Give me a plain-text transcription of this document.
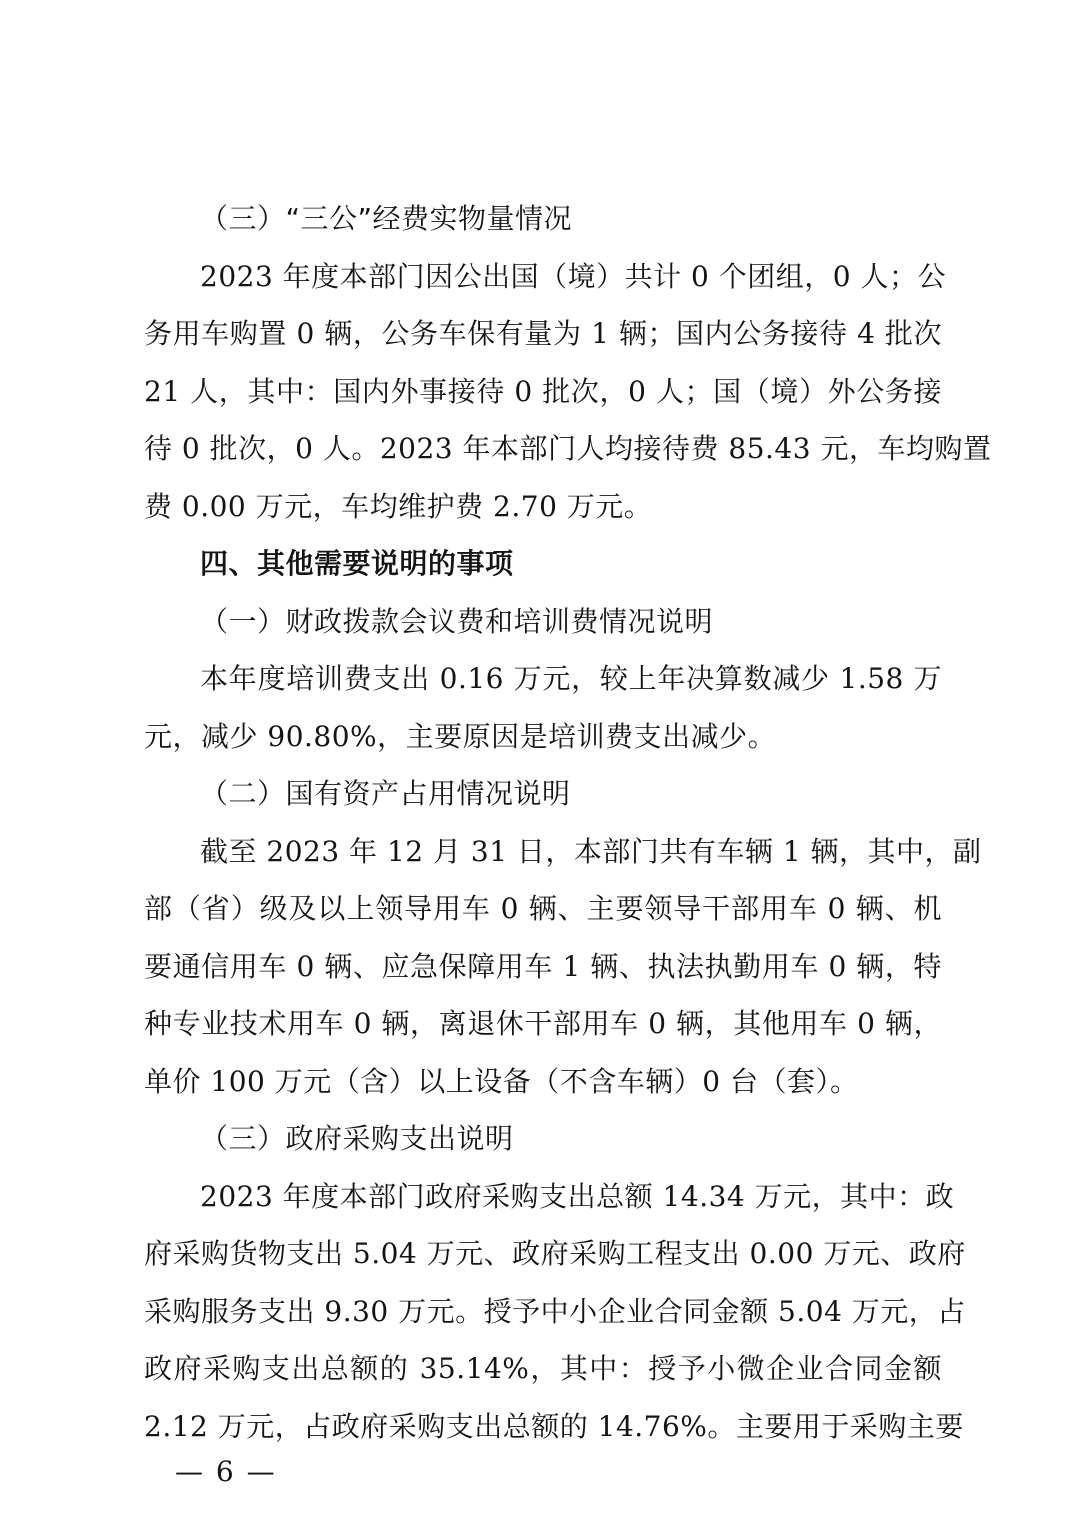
（三）“三公”经费实物量情况
2023 年度本部门因公出国（境）共计 0 个团组，0 人；公
务用车购置 0 辆，公务车保有量为 1 辆；国内公务接待 4 批次
21 人，其中：国内外事接待 0 批次，0 人；国（境）外公务接
待 0 批次，0 人。2023 年本部门人均接待费 85.43 元，车均购置
费 0.00 万元，车均维护费 2.70 万元。
四、其他需要说明的事项
（一）财政拨款会议费和培训费情况说明
本年度培训费支出 0.16 万元，较上年决算数减少 1.58 万
元，减少 90.80%，主要原因是培训费支出减少。
（二）国有资产占用情况说明
截至 2023 年 12 月 31 日，本部门共有车辆 1 辆，其中，副
部（省）级及以上领导用车 0 辆、主要领导干部用车 0 辆、机
要通信用车 0 辆、应急保障用车 1 辆、执法执勤用车 0 辆，特
种专业技术用车 0 辆，离退休干部用车 0 辆，其他用车 0 辆，
单价 100 万元（含）以上设备（不含车辆）0 台（套）。
（三）政府采购支出说明
2023 年度本部门政府采购支出总额 14.34 万元，其中：政
府采购货物支出 5.04 万元、政府采购工程支出 0.00 万元、政府
采购服务支出 9.30 万元。授予中小企业合同金额 5.04 万元，占
政府采购支出总额的 35.14%，其中：授予小微企业合同金额
2.12 万元，占政府采购支出总额的 14.76%。主要用于采购主要
— 6 —
